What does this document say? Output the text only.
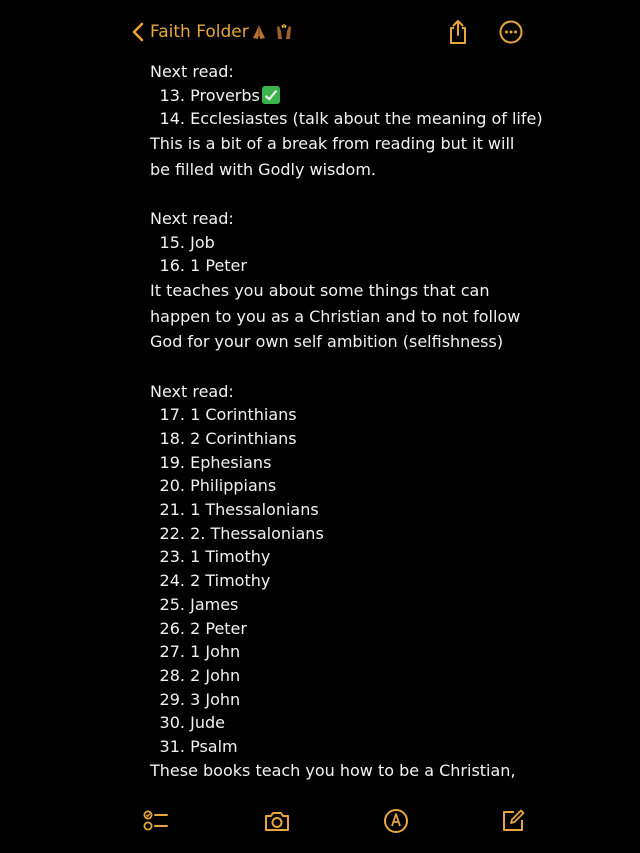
Faith Folder
Next read:
13. Proverbs
14. Ecclesiastes (talk about the meaning of life)
This is a bit of a break from reading but it will be filled with Godly wisdom.
Next read:
15. Job
16. 1 Peter
It teaches you about some things that can happen to you as a Christian and to not follow God for your own self ambition (selfishness)
Next read:
17. 1 Corinthians
18. 2 Corinthians
19. Ephesians
20. Philippians
21. 1 Thessalonians
22. 2. Thessalonians
23. 1 Timothy
24. 2 Timothy
25. James
26. 2 Peter
27. 1 John
28. 2 John
29. 3 John
30. Jude
31. Psalm
These books teach you how to be a Christian,
